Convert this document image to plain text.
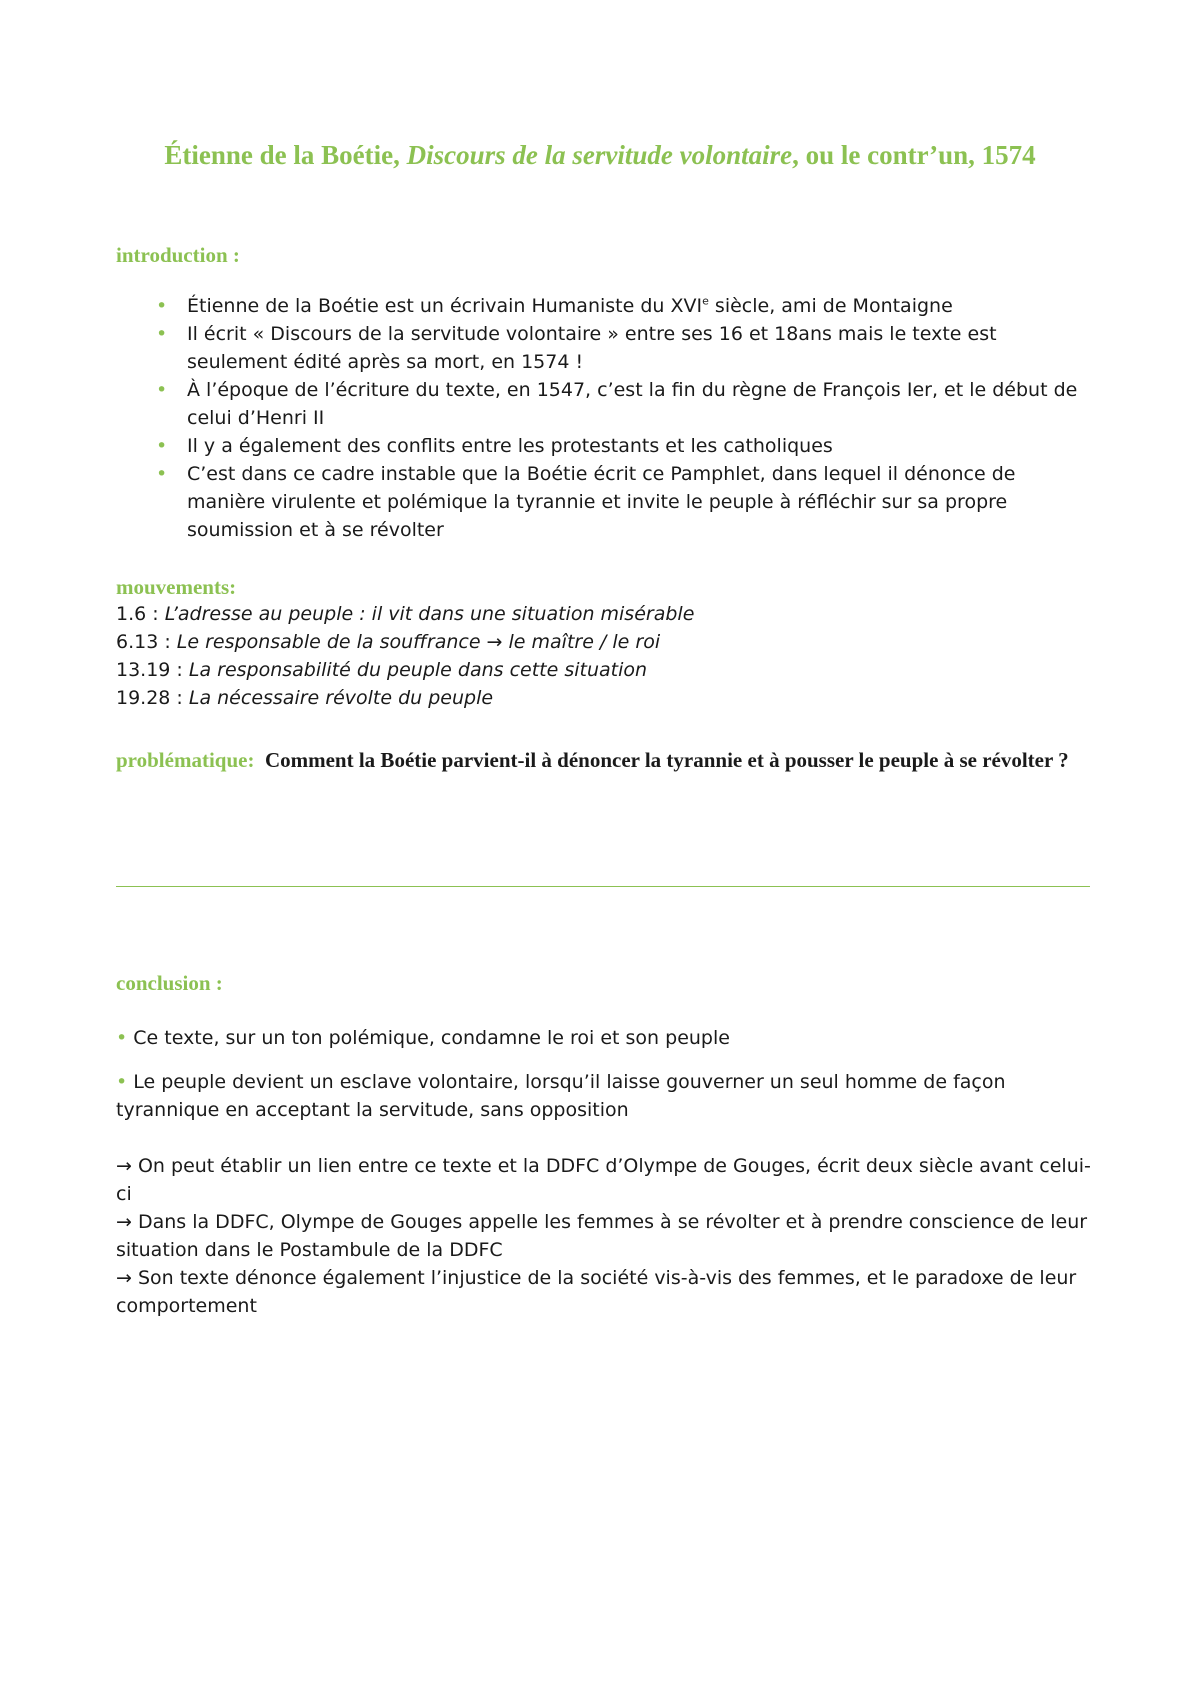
Étienne de la Boétie, Discours de la servitude volontaire, ou le contr’un, 1574
introduction :
• Étienne de la Boétie est un écrivain Humaniste du XVIe siècle, ami de Montaigne
• Il écrit « Discours de la servitude volontaire » entre ses 16 et 18ans mais le texte est seulement édité après sa mort, en 1574 !
• À l’époque de l’écriture du texte, en 1547, c’est la fin du règne de François Ier, et le début de celui d’Henri II
• Il y a également des conflits entre les protestants et les catholiques
• C’est dans ce cadre instable que la Boétie écrit ce Pamphlet, dans lequel il dénonce de manière virulente et polémique la tyrannie et invite le peuple à réfléchir sur sa propre soumission et à se révolter
mouvements:
1.6 : L’adresse au peuple : il vit dans une situation misérable
6.13 : Le responsable de la souffrance → le maître / le roi
13.19 : La responsabilité du peuple dans cette situation
19.28 : La nécessaire révolte du peuple
problématique: Comment la Boétie parvient-il à dénoncer la tyrannie et à pousser le peuple à se révolter ?
conclusion :
• Ce texte, sur un ton polémique, condamne le roi et son peuple
• Le peuple devient un esclave volontaire, lorsqu’il laisse gouverner un seul homme de façon tyrannique en acceptant la servitude, sans opposition
→ On peut établir un lien entre ce texte et la DDFC d’Olympe de Gouges, écrit deux siècle avant celui-ci
→ Dans la DDFC, Olympe de Gouges appelle les femmes à se révolter et à prendre conscience de leur situation dans le Postambule de la DDFC
→ Son texte dénonce également l’injustice de la société vis-à-vis des femmes, et le paradoxe de leur comportement
